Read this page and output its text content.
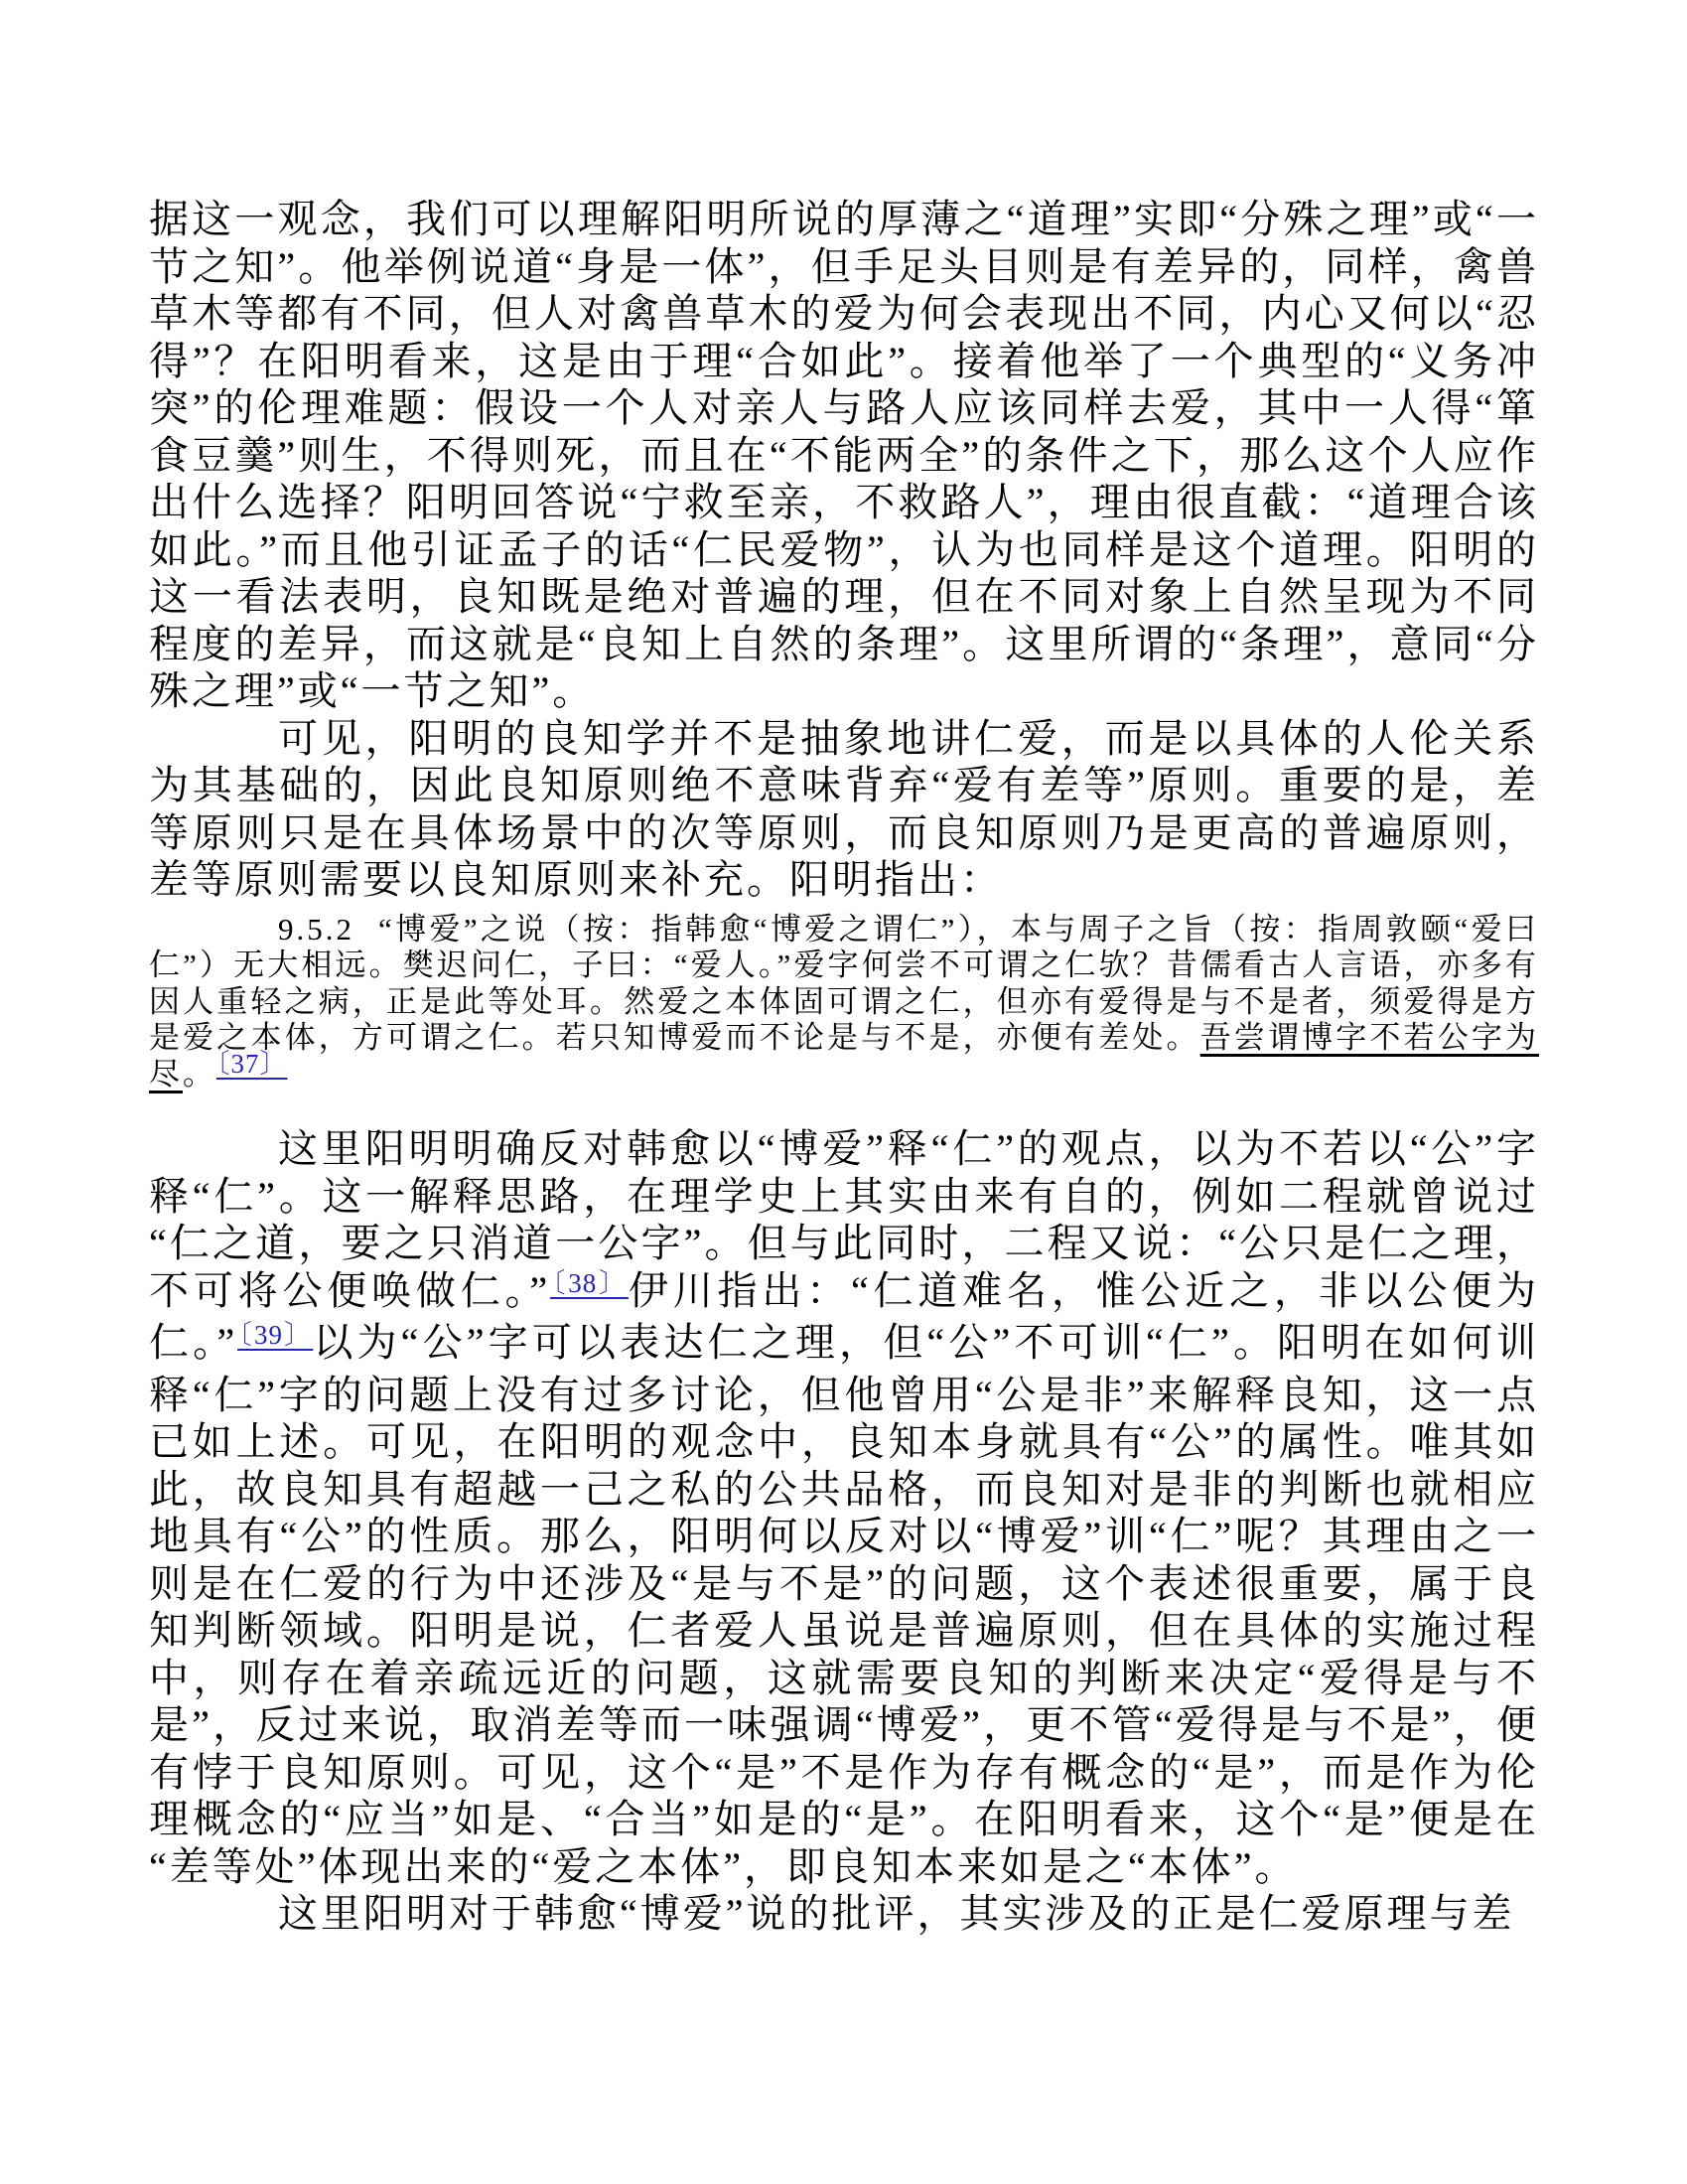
据这一观念，我们可以理解阳明所说的厚薄之“道理”实即“分殊之理”或“一节之知”。他举例说道“身是一体”，但手足头目则是有差异的，同样，禽兽草木等都有不同，但人对禽兽草木的爱为何会表现出不同，内心又何以“忍得”？在阳明看来，这是由于理“合如此”。接着他举了一个典型的“义务冲突”的伦理难题：假设一个人对亲人与路人应该同样去爱，其中一人得“箪食豆羹”则生，不得则死，而且在“不能两全”的条件之下，那么这个人应作出什么选择？阳明回答说“宁救至亲，不救路人”，理由很直截：“道理合该如此。”而且他引证孟子的话“仁民爱物”，认为也同样是这个道理。阳明的这一看法表明，良知既是绝对普遍的理，但在不同对象上自然呈现为不同程度的差异，而这就是“良知上自然的条理”。这里所谓的“条理”，意同“分殊之理”或“一节之知”。

可见，阳明的良知学并不是抽象地讲仁爱，而是以具体的人伦关系为其基础的，因此良知原则绝不意味背弃“爱有差等”原则。重要的是，差等原则只是在具体场景中的次等原则，而良知原则乃是更高的普遍原则，差等原则需要以良知原则来补充。阳明指出：

9.5.2 “博爱”之说（按：指韩愈“博爱之谓仁”），本与周子之旨（按：指周敦颐“爱曰仁”）无大相远。樊迟问仁，子曰：“爱人。”爱字何尝不可谓之仁欤？昔儒看古人言语，亦多有因人重轻之病，正是此等处耳。然爱之本体固可谓之仁，但亦有爱得是与不是者，须爱得是方是爱之本体，方可谓之仁。若只知博爱而不论是与不是，亦便有差处。吾尝谓博字不若公字为尽。〔37〕

这里阳明明确反对韩愈以“博爱”释“仁”的观点，以为不若以“公”字释“仁”。这一解释思路，在理学史上其实由来有自的，例如二程就曾说过“仁之道，要之只消道一公字”。但与此同时，二程又说：“公只是仁之理，不可将公便唤做仁。”$^{〔38〕}$伊川指出：“仁道难名，惟公近之，非以公便为仁。”$^{〔39〕}$以为“公”字可以表达仁之理，但“公”不可训“仁”。阳明在如何训释“仁”字的问题上没有过多讨论，但他曾用“公是非”来解释良知，这一点已如上述。可见，在阳明的观念中，良知本身就具有“公”的属性。唯其如此，故良知具有超越一己之私的公共品格，而良知对是非的判断也就相应地具有“公”的性质。那么，阳明何以反对以“博爱”训“仁”呢？其理由之一则是在仁爱的行为中还涉及“是与不是”的问题，这个表述很重要，属于良知判断领域。阳明是说，仁者爱人虽说是普遍原则，但在具体的实施过程中，则存在着亲疏远近的问题，这就需要良知的判断来决定“爱得是与不是”，反过来说，取消差等而一味强调“博爱”，更不管“爱得是与不是”，便有悖于良知原则。可见，这个“是”不是作为存有概念的“是”，而是作为伦理概念的“应当”如是、“合当”如是的“是”。在阳明看来，这个“是”便是在“差等处”体现出来的“爱之本体”，即良知本来如是之“本体”。

这里阳明对于韩愈“博爱”说的批评，其实涉及的正是仁爱原理与差
